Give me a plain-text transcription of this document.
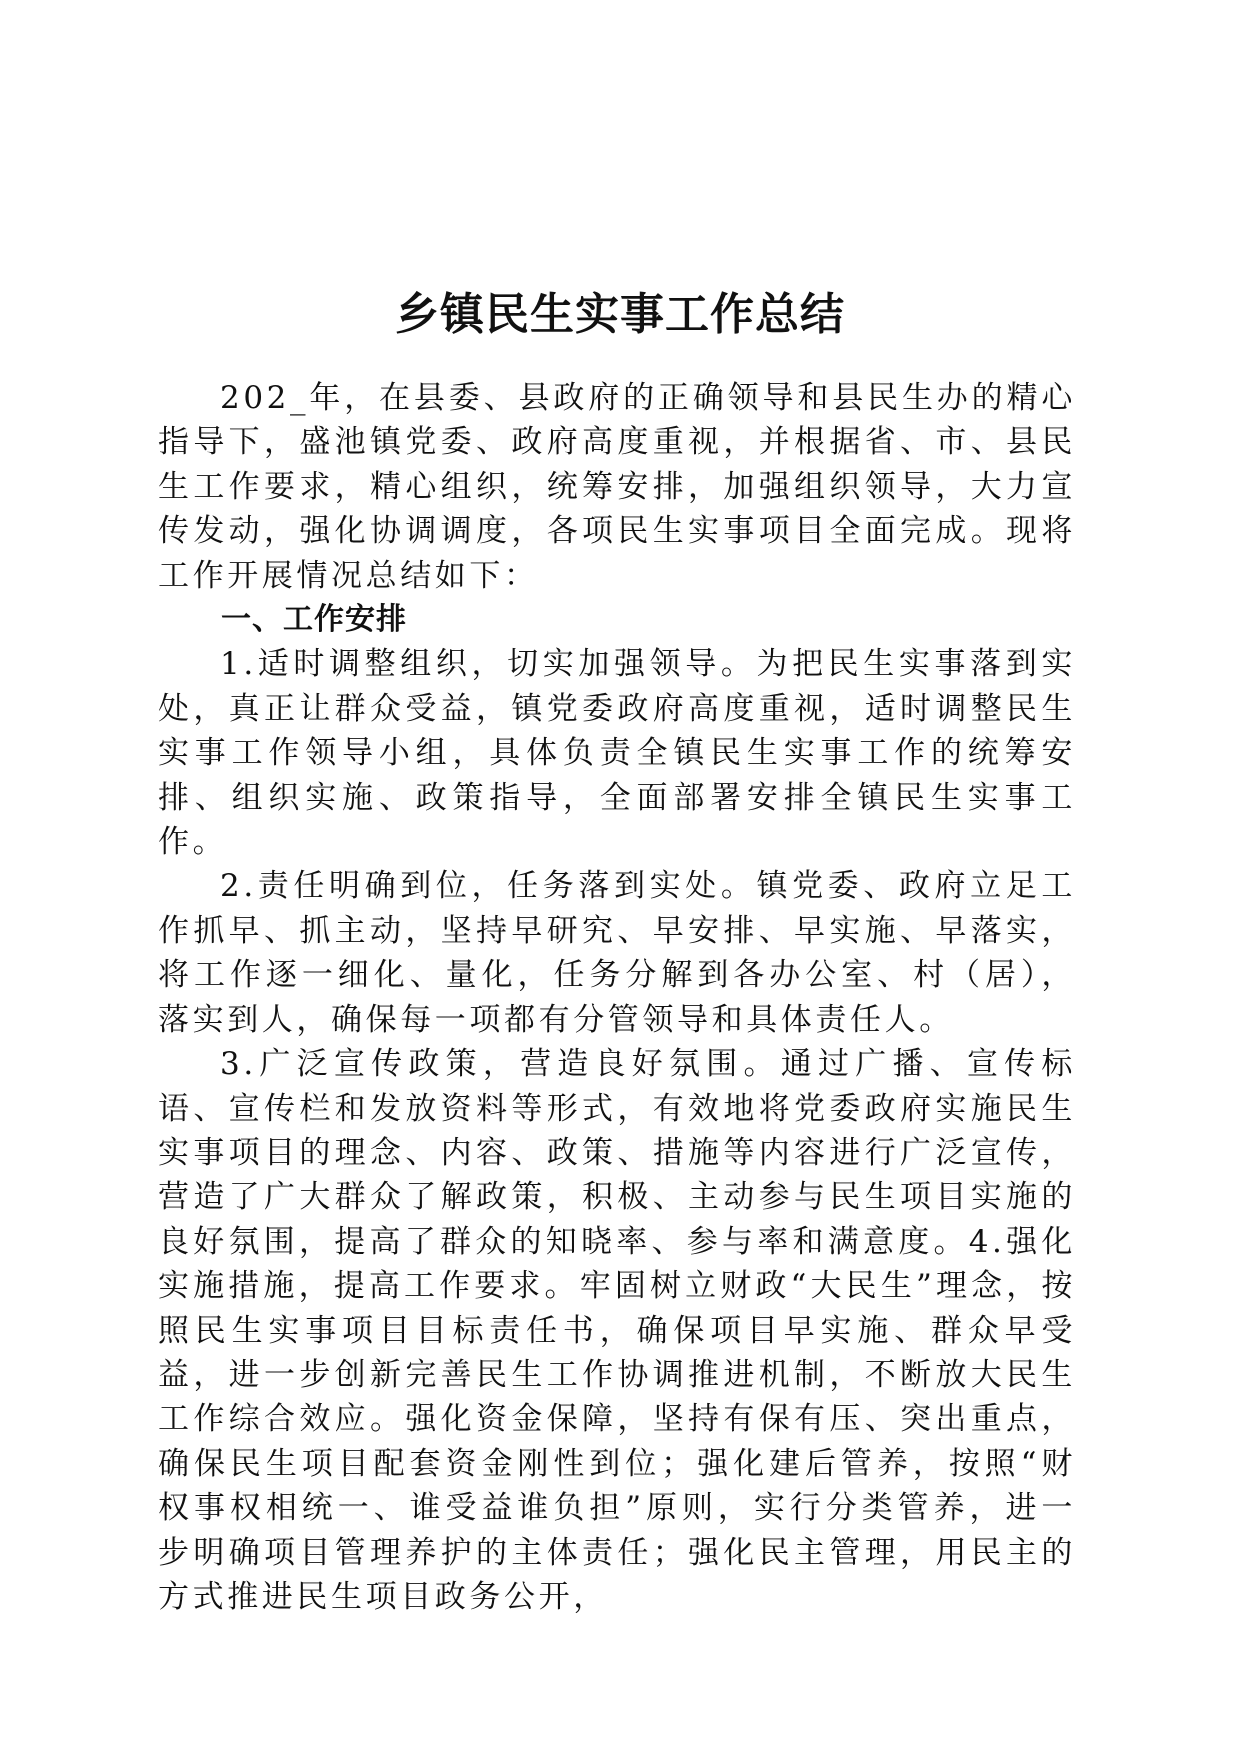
乡镇民生实事工作总结

202_年，在县委、县政府的正确领导和县民生办的精心指导下，盛池镇党委、政府高度重视，并根据省、市、县民生工作要求，精心组织，统筹安排，加强组织领导，大力宣传发动，强化协调调度，各项民生实事项目全面完成。现将工作开展情况总结如下：

一、工作安排

1.适时调整组织，切实加强领导。为把民生实事落到实处，真正让群众受益，镇党委政府高度重视，适时调整民生实事工作领导小组，具体负责全镇民生实事工作的统筹安排、组织实施、政策指导，全面部署安排全镇民生实事工作。

2.责任明确到位，任务落到实处。镇党委、政府立足工作抓早、抓主动，坚持早研究、早安排、早实施、早落实，将工作逐一细化、量化，任务分解到各办公室、村（居），落实到人，确保每一项都有分管领导和具体责任人。

3.广泛宣传政策，营造良好氛围。通过广播、宣传标语、宣传栏和发放资料等形式，有效地将党委政府实施民生实事项目的理念、内容、政策、措施等内容进行广泛宣传，营造了广大群众了解政策，积极、主动参与民生项目实施的良好氛围，提高了群众的知晓率、参与率和满意度。4.强化实施措施，提高工作要求。牢固树立财政“大民生”理念，按照民生实事项目目标责任书，确保项目早实施、群众早受益，进一步创新完善民生工作协调推进机制，不断放大民生工作综合效应。强化资金保障，坚持有保有压、突出重点，确保民生项目配套资金刚性到位；强化建后管养，按照“财权事权相统一、谁受益谁负担”原则，实行分类管养，进一步明确项目管理养护的主体责任；强化民主管理，用民主的方式推进民生项目政务公开，
